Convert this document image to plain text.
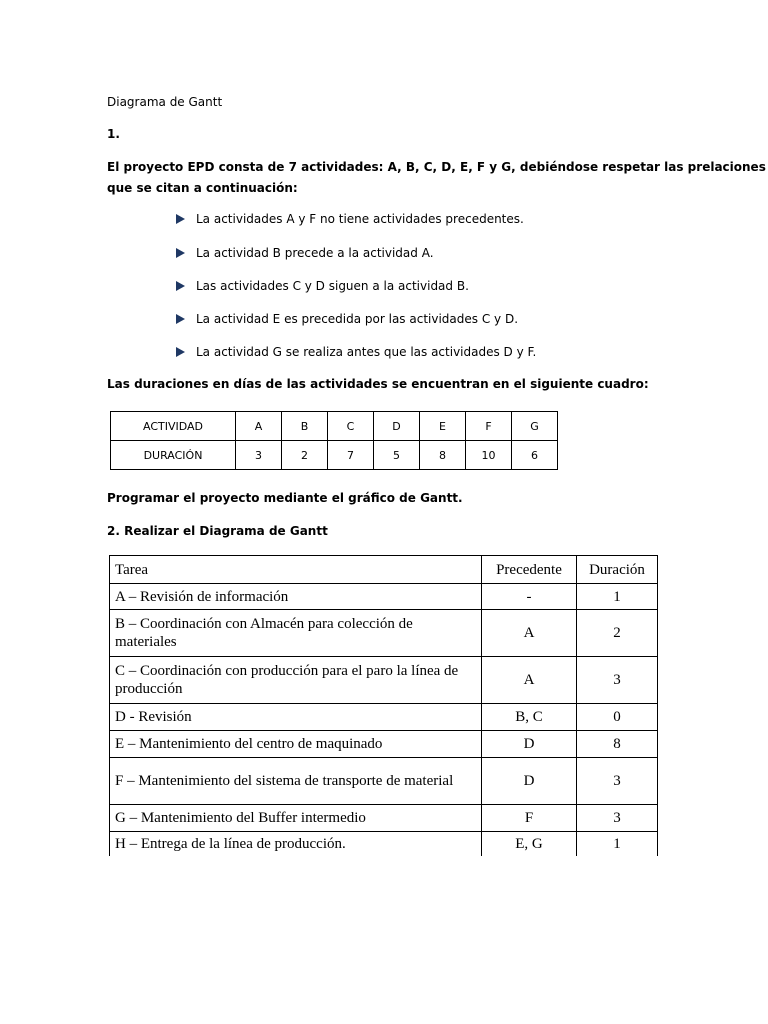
Diagrama de Gantt
1.
El proyecto EPD consta de 7 actividades: A, B, C, D, E, F y G, debiéndose respetar las prelaciones
que se citan a continuación:
La actividades A y F no tiene actividades precedentes.
La actividad B precede a la actividad A.
Las actividades C y D siguen a la actividad B.
La actividad E es precedida por las actividades C y D.
La actividad G se realiza antes que las actividades D y F.
Las duraciones en días de las actividades se encuentran en el siguiente cuadro:
ACTIVIDAD	A	B	C	D	E	F	G
DURACIÓN	3	2	7	5	8	10	6
Programar el proyecto mediante el gráfico de Gantt.
2. Realizar el Diagrama de Gantt
Tarea	Precedente	Duración
A – Revisión de información	-	1
B – Coordinación con Almacén para colección de materiales	A	2
C – Coordinación con producción para el paro la línea de producción	A	3
D - Revisión	B, C	0
E – Mantenimiento del centro de maquinado	D	8
F – Mantenimiento del sistema de transporte de material	D	3
G – Mantenimiento del Buffer intermedio	F	3
H – Entrega de la línea de producción.	E, G	1
